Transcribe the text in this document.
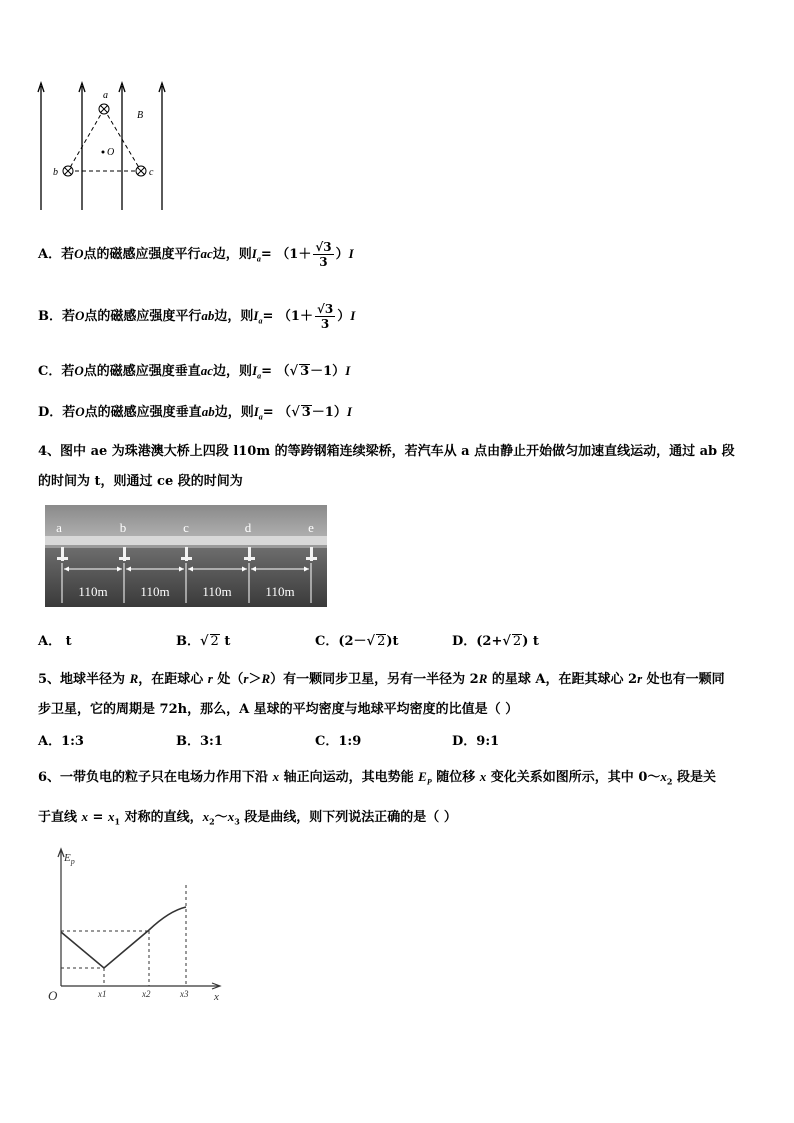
a
b	c
O
B
A．若O点的磁感应强度平行ac边，则$I_a= (1+ \frac{√3}{3} )I$
B．若O点的磁感应强度平行ab边，则$I_a= (1+ \frac{√3}{3} )I$
C．若O点的磁感应强度垂直ac边，则$I_a=$ （√ 3－1）I
D．若O点的磁感应强度垂直ab边，则$I_a=$ （√ 3－1）I
4、图中 ae 为珠港澳大桥上四段 l10m 的等跨钢箱连续梁桥，若汽车从 a 点由静止开始做匀加速直线运动，通过 ab 段
的时间为 t，则通过 ce 段的时间为
a	b	c	d	e
110m	110m	110m	110m
A． t	B．√ 2 t	C．(2－√ 2)t	D．(2+√ 2) t
5、地球半径为 R，在距球心 r 处（r＞R）有一颗同步卫星，另有一半径为 2R 的星球 A，在距其球心 2r 处也有一颗同
步卫星，它的周期是 72h，那么，A 星球的平均密度与地球平均密度的比值是（ ）
A．1:3	B．3:1	C．1:9	D．9:1
6、一带负电的粒子只在电场力作用下沿 x 轴正向运动，其电势能 $E_P$ 随位移 x 变化关系如图所示，其中 $0\sim x_2$ 段是关
于直线 $x = x_1$ 对称的直线，$x_2\sim x_3$ 段是曲线，则下列说法正确的是（ ）
$E_p$
O	x
x1	x2	x3
